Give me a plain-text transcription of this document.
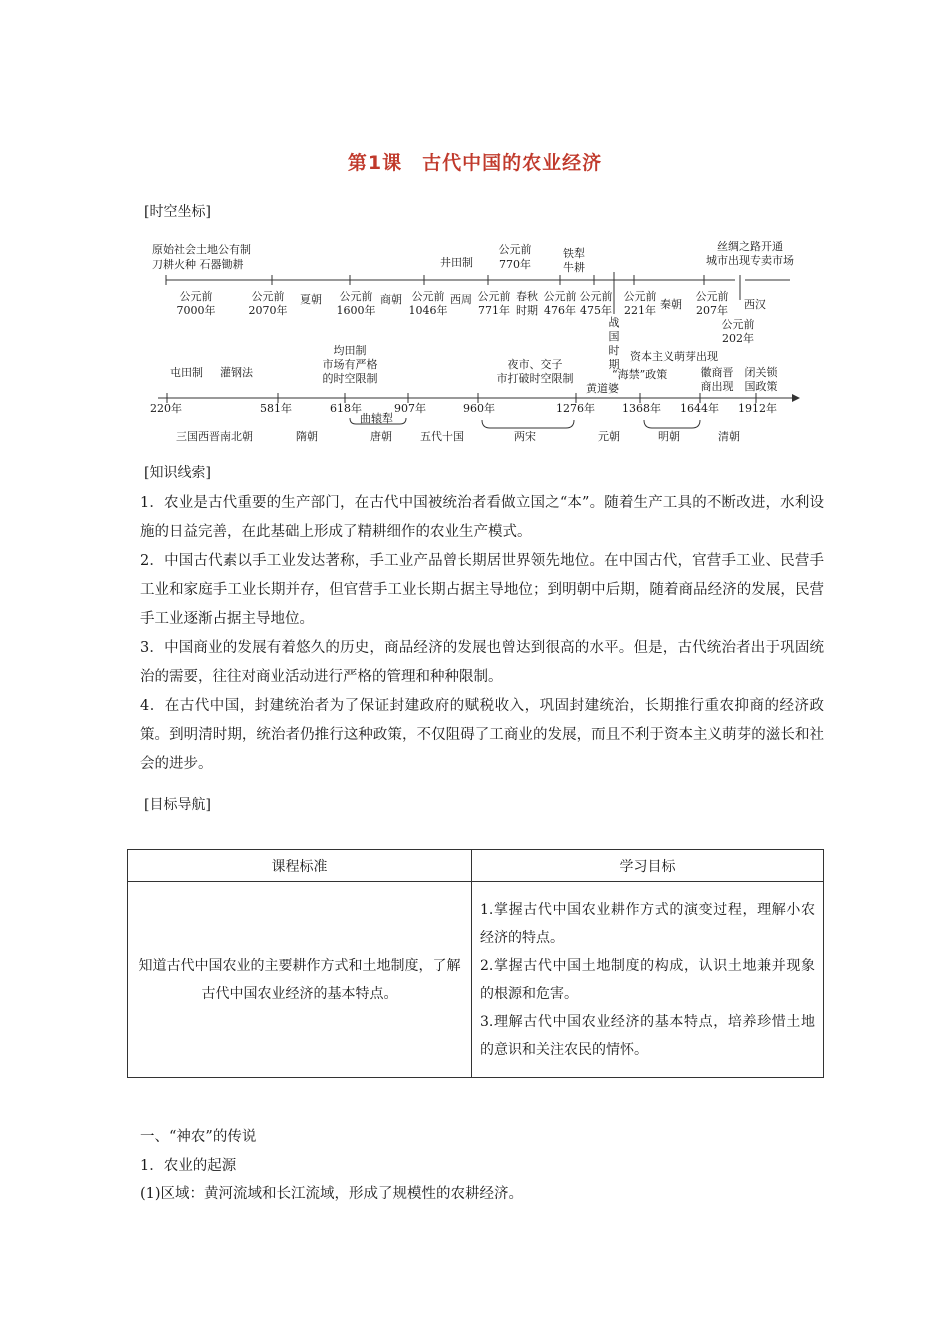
第1课　古代中国的农业经济
[时空坐标]
原始社会土地公有制
刀耕火种 石器锄耕	井田制
公元前
770年
铁犁
牛耕
丝绸之路开通
城市出现专卖市场
公元前
7000年
公元前
2070年
夏朝	公元前
1600年
商朝 公元前
1046年
西周 公元前
771年
春秋
时期
公元前
476年
公元前
475年
战
国
时
期
公元前
221年 秦朝
公元前
207年	西汉
公元前
202年
屯田制 灌钢法
均田制
市场有严格
的时空限制
夜市、交子
市打破时空限制
黄道婆
资本主义萌芽出现
“海禁”政策	徽商晋
商出现
闭关锁
国政策
220年	581年	618年	907年	960年	1276年 1368年 1644年 1912年
曲辕犁
三国西晋南北朝	隋朝	唐朝	五代十国	两宋	元朝	明朝	清朝
[知识线索]

1．农业是古代重要的生产部门，在古代中国被统治者看做立国之“本”。随着生产工具的不断改进，水利设施的日益完善，在此基础上形成了精耕细作的农业生产模式。

2．中国古代素以手工业发达著称，手工业产品曾长期居世界领先地位。在中国古代，官营手工业、民营手工业和家庭手工业长期并存，但官营手工业长期占据主导地位；到明朝中后期，随着商品经济的发展，民营手工业逐渐占据主导地位。

3．中国商业的发展有着悠久的历史，商品经济的发展也曾达到很高的水平。但是，古代统治者出于巩固统治的需要，往往对商业活动进行严格的管理和种种限制。

4．在古代中国，封建统治者为了保证封建政府的赋税收入，巩固封建统治，长期推行重农抑商的经济政策。到明清时期，统治者仍推行这种政策，不仅阻碍了工商业的发展，而且不利于资本主义萌芽的滋长和社会的进步。

[目标导航]
课程标准	学习目标
知道古代中国农业的主要耕作方式和土地制度，了解古代中国农业经济的基本特点。	1.掌握古代中国农业耕作方式的演变过程，理解小农经济的特点。
2.掌握古代中国土地制度的构成，认识土地兼并现象的根源和危害。
3.理解古代中国农业经济的基本特点，培养珍惜土地的意识和关注农民的情怀。
一、“神农”的传说
1．农业的起源
(1)区域：黄河流域和长江流域，形成了规模性的农耕经济。
